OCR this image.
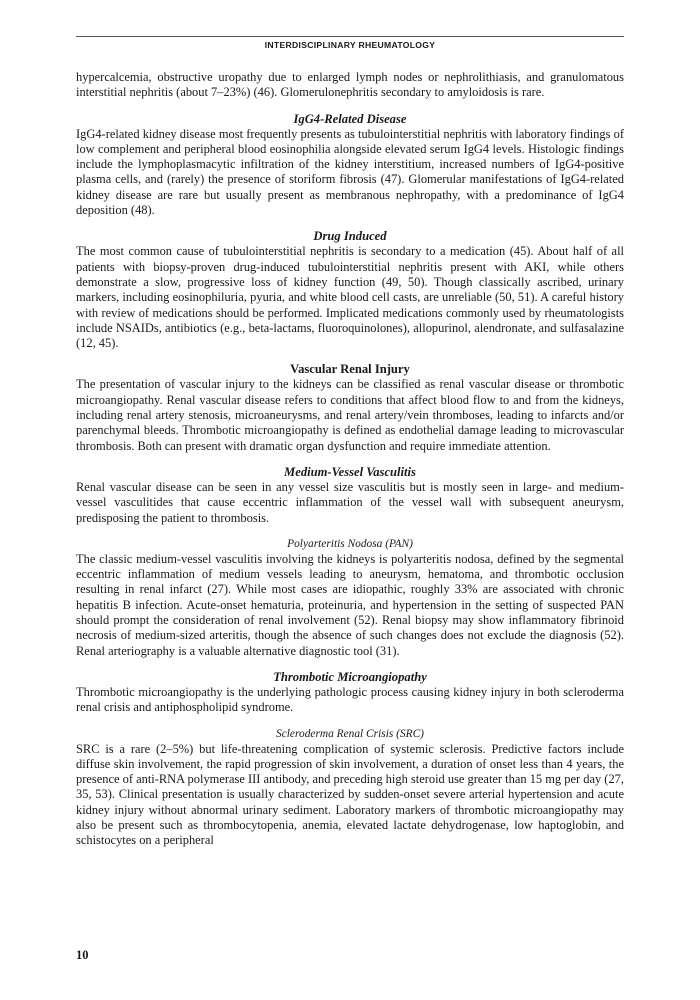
INTERDISCIPLINARY RHEUMATOLOGY

hypercalcemia, obstructive uropathy due to enlarged lymph nodes or nephrolithiasis, and granulomatous interstitial nephritis (about 7–23%) (46). Glomerulonephritis secondary to amyloidosis is rare.

IgG4-Related Disease

IgG4-related kidney disease most frequently presents as tubulointerstitial nephritis with laboratory findings of low complement and peripheral blood eosinophilia alongside elevated serum IgG4 levels. Histologic findings include the lymphoplasmacytic infiltration of the kidney interstitium, increased numbers of IgG4-positive plasma cells, and (rarely) the presence of storiform fibrosis (47). Glomerular manifestations of IgG4-related kidney disease are rare but usually present as membranous nephropathy, with a predominance of IgG4 deposition (48).

Drug Induced

The most common cause of tubulointerstitial nephritis is secondary to a medication (45). About half of all patients with biopsy-proven drug-induced tubulointerstitial nephritis present with AKI, while others demonstrate a slow, progressive loss of kidney function (49, 50). Though classically ascribed, urinary markers, including eosinophiluria, pyuria, and white blood cell casts, are unreliable (50, 51). A careful history with review of medications should be performed. Implicated medications commonly used by rheumatologists include NSAIDs, antibiotics (e.g., beta-lactams, fluoroquinolones), allopurinol, alendronate, and sulfasalazine (12, 45).

Vascular Renal Injury

The presentation of vascular injury to the kidneys can be classified as renal vascular disease or thrombotic microangiopathy. Renal vascular disease refers to conditions that affect blood flow to and from the kidneys, including renal artery stenosis, microaneurysms, and renal artery/vein thromboses, leading to infarcts and/or parenchymal bleeds. Thrombotic microangiopathy is defined as endothelial damage leading to microvascular thrombosis. Both can present with dramatic organ dysfunction and require immediate attention.

Medium-Vessel Vasculitis

Renal vascular disease can be seen in any vessel size vasculitis but is mostly seen in large- and medium-vessel vasculitides that cause eccentric inflammation of the vessel wall with subsequent aneurysm, predisposing the patient to thrombosis.

Polyarteritis Nodosa (PAN)

The classic medium-vessel vasculitis involving the kidneys is polyarteritis nodosa, defined by the segmental eccentric inflammation of medium vessels leading to aneurysm, hematoma, and thrombotic occlusion resulting in renal infarct (27). While most cases are idiopathic, roughly 33% are associated with chronic hepatitis B infection. Acute-onset hematuria, proteinuria, and hypertension in the setting of suspected PAN should prompt the consideration of renal involvement (52). Renal biopsy may show inflammatory fibrinoid necrosis of medium-sized arteritis, though the absence of such changes does not exclude the diagnosis (52). Renal arteriography is a valuable alternative diagnostic tool (31).

Thrombotic Microangiopathy

Thrombotic microangiopathy is the underlying pathologic process causing kidney injury in both scleroderma renal crisis and antiphospholipid syndrome.

Scleroderma Renal Crisis (SRC)

SRC is a rare (2–5%) but life-threatening complication of systemic sclerosis. Predictive factors include diffuse skin involvement, the rapid progression of skin involvement, a duration of onset less than 4 years, the presence of anti-RNA polymerase III antibody, and preceding high steroid use greater than 15 mg per day (27, 35, 53). Clinical presentation is usually characterized by sudden-onset severe arterial hypertension and acute kidney injury without abnormal urinary sediment. Laboratory markers of thrombotic microangiopathy may also be present such as thrombocytopenia, anemia, elevated lactate dehydrogenase, low haptoglobin, and schistocytes on a peripheral

10
